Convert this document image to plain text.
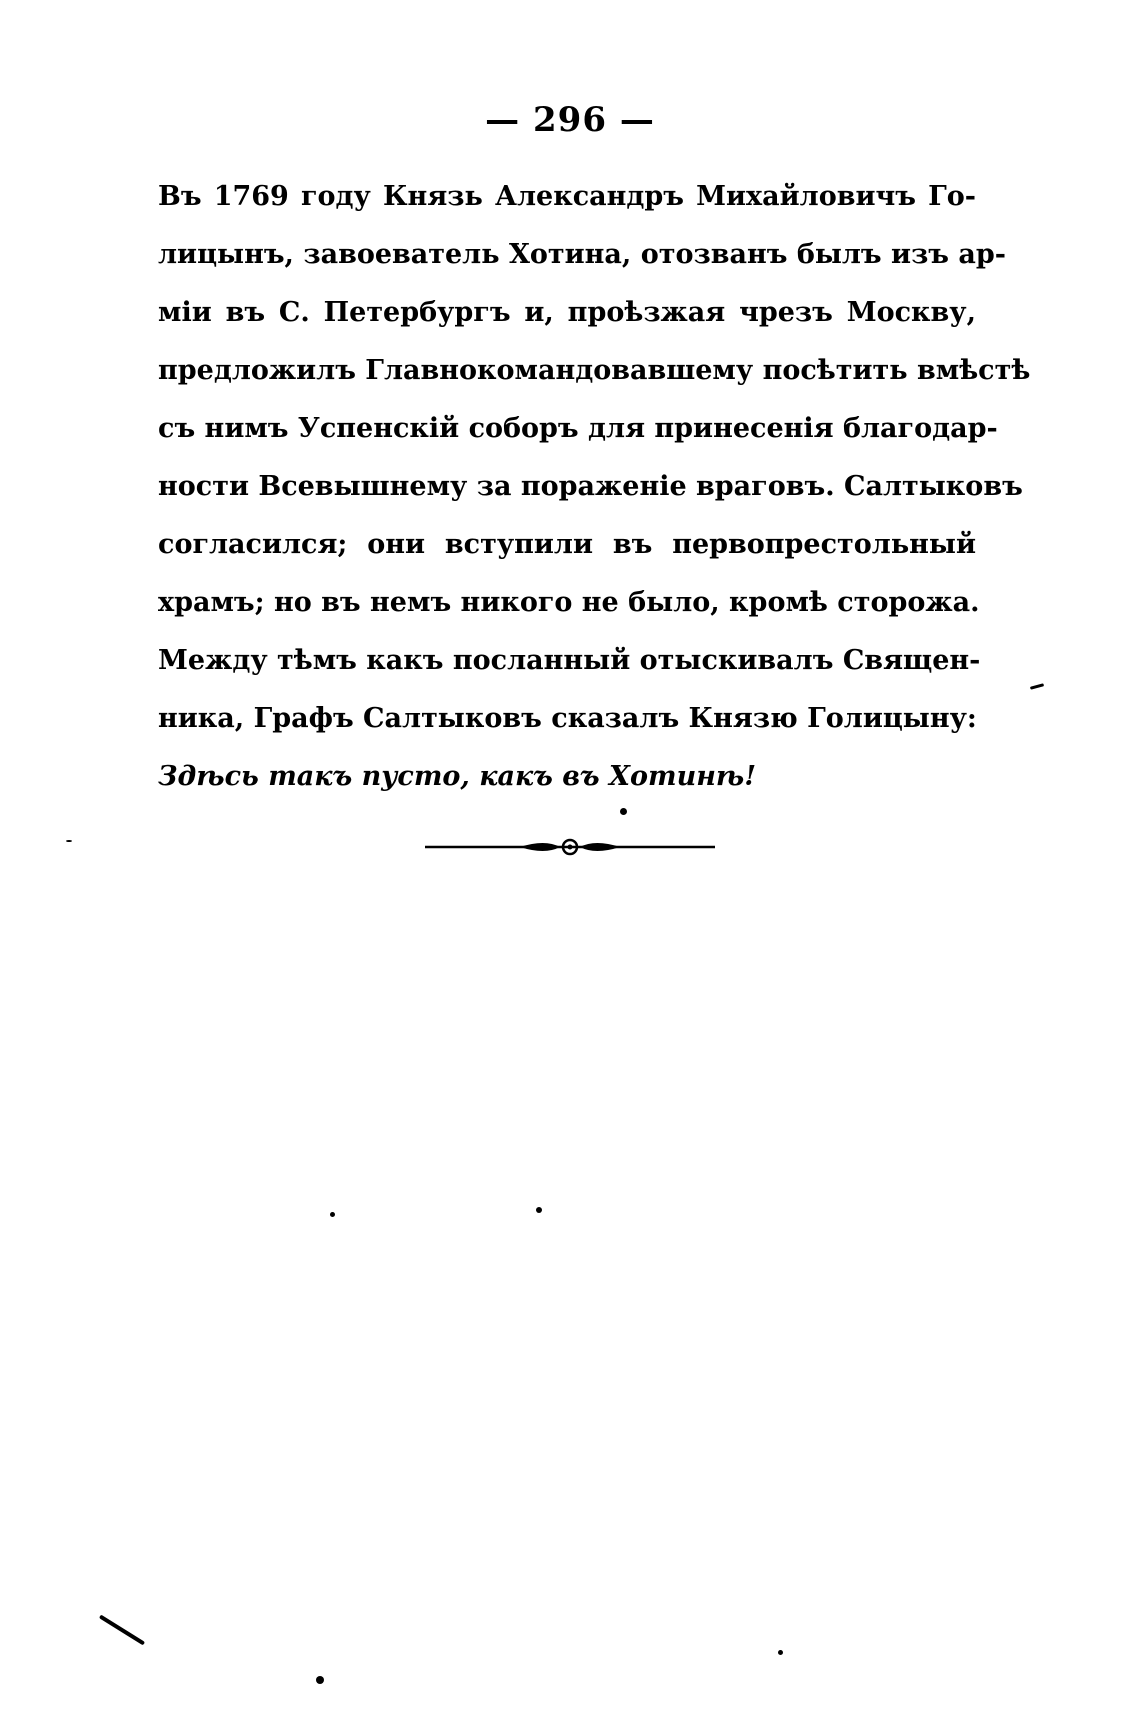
— 296 —
Въ 1769 году Князь Александръ Михайловичъ Го-
лицынъ, завоеватель Хотина, отозванъ былъ изъ ар-
міи въ С. Петербургъ и, проѣзжая чрезъ Москву,
предложилъ Главнокомандовавшему посѣтить вмѣстѣ
съ нимъ Успенскій соборъ для принесенія благодар-
ности Всевышнему за пораженіе враговъ. Салтыковъ
согласился; они вступили въ первопрестольный
храмъ; но въ немъ никого не было, кромѣ сторожа.
Между тѣмъ какъ посланный отыскивалъ Священ-
ника, Графъ Салтыковъ сказалъ Князю Голицыну:
Здѣсь такъ пусто, какъ въ Хотинѣ!
